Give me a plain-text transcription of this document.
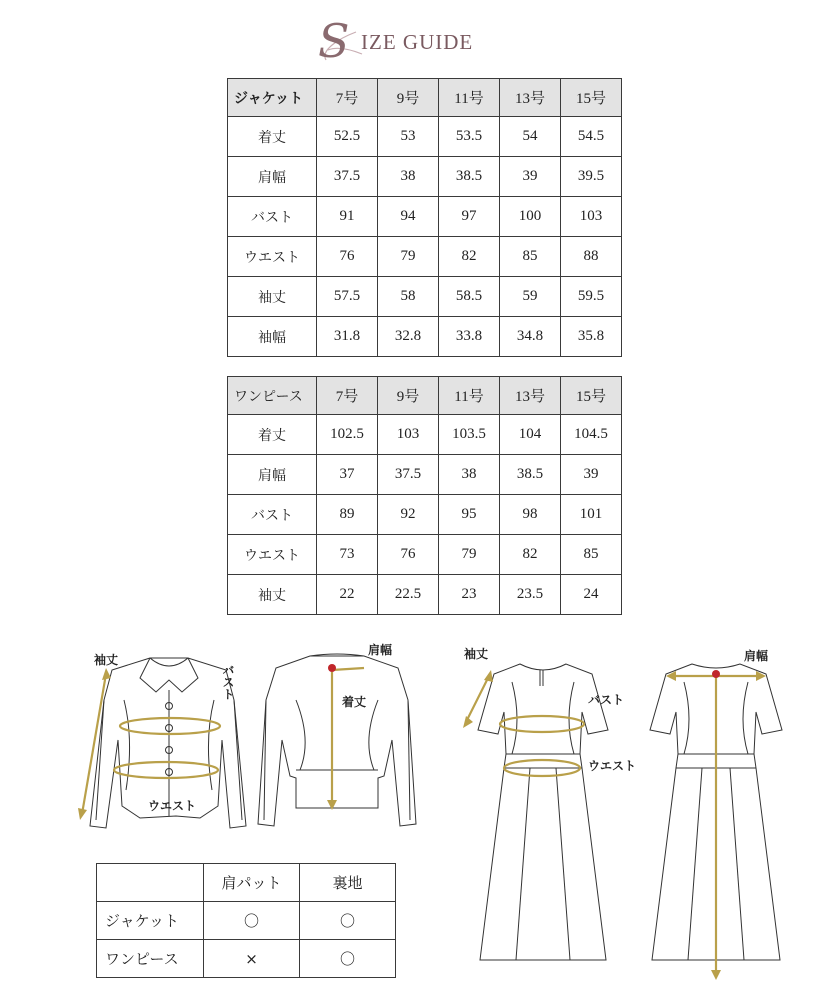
S IZE GUIDE
ジャケット	7号	9号	11号	13号	15号
着丈	52.5	53	53.5	54	54.5
肩幅	37.5	38	38.5	39	39.5
バスト	91	94	97	100	103
ウエスト	76	79	82	85	88
袖丈	57.5	58	58.5	59	59.5
袖幅	31.8	32.8	33.8	34.8	35.8
ワンピース	7号	9号	11号	13号	15号
着丈	102.5	103	103.5	104	104.5
肩幅	37	37.5	38	38.5	39
バスト	89	92	95	98	101
ウエスト	73	76	79	82	85
袖丈	22	22.5	23	23.5	24
袖丈
バスト
ウエスト
肩幅
着丈
袖丈
バスト
ウエスト
肩幅
	肩パット	裏地
ジャケット	〇	〇
ワンピース	×	〇
